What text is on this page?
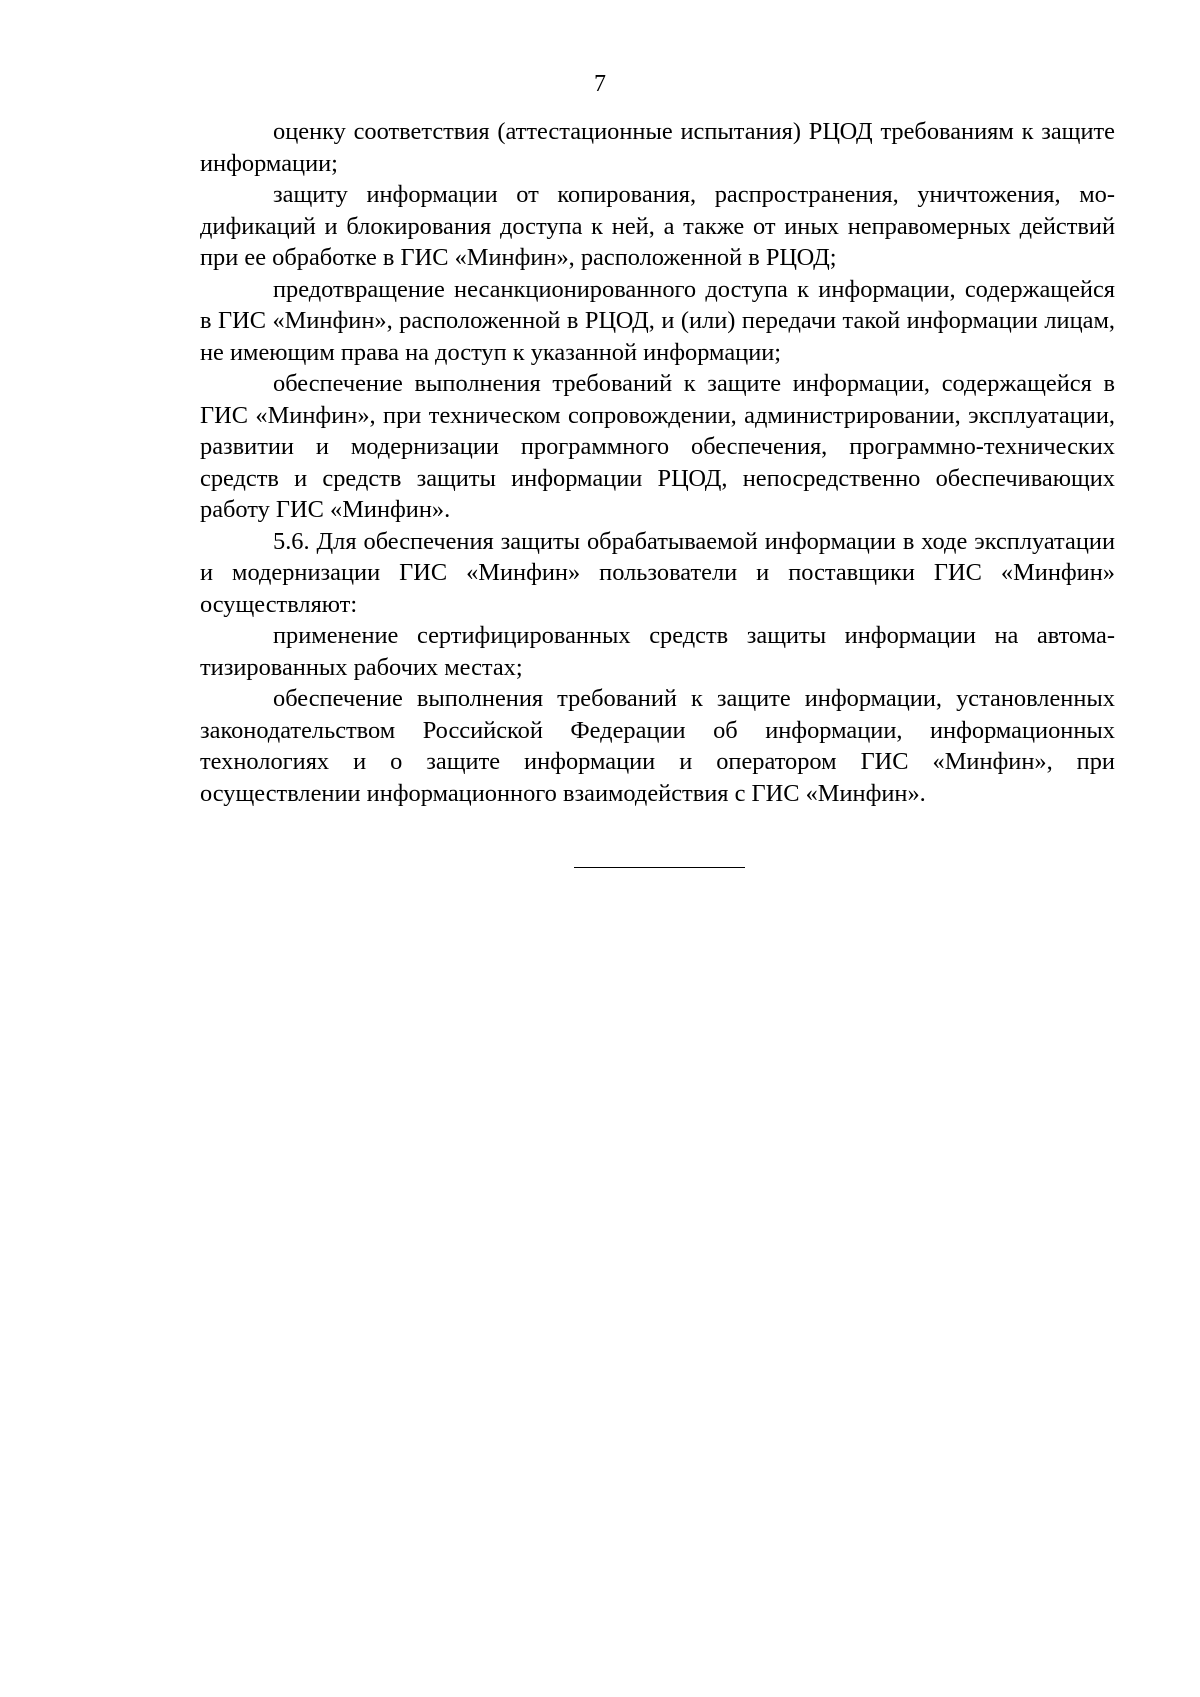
7

оценку соответствия (аттестационные испытания) РЦОД требованиям к защите информации;

защиту информации от копирования, распространения, уничтожения, модификаций и блокирования доступа к ней, а также от иных неправомерных действий при ее обработке в ГИС «Минфин», расположенной в РЦОД;

предотвращение несанкционированного доступа к информации, содержащейся в ГИС «Минфин», расположенной в РЦОД, и (или) передачи такой информации лицам, не имеющим права на доступ к указанной информации;

обеспечение выполнения требований к защите информации, содержащейся в ГИС «Минфин», при техническом сопровождении, администрировании, эксплуатации, развитии и модернизации программного обеспечения, программно-технических средств и средств защиты информации РЦОД, непосредственно обеспечивающих работу ГИС «Минфин».

5.6. Для обеспечения защиты обрабатываемой информации в ходе эксплуатации и модернизации ГИС «Минфин» пользователи и поставщики ГИС «Минфин» осуществляют:

применение сертифицированных средств защиты информации на автоматизированных рабочих местах;

обеспечение выполнения требований к защите информации, установленных законодательством Российской Федерации об информации, информационных технологиях и о защите информации и оператором ГИС «Минфин», при осуществлении информационного взаимодействия с ГИС «Минфин».
